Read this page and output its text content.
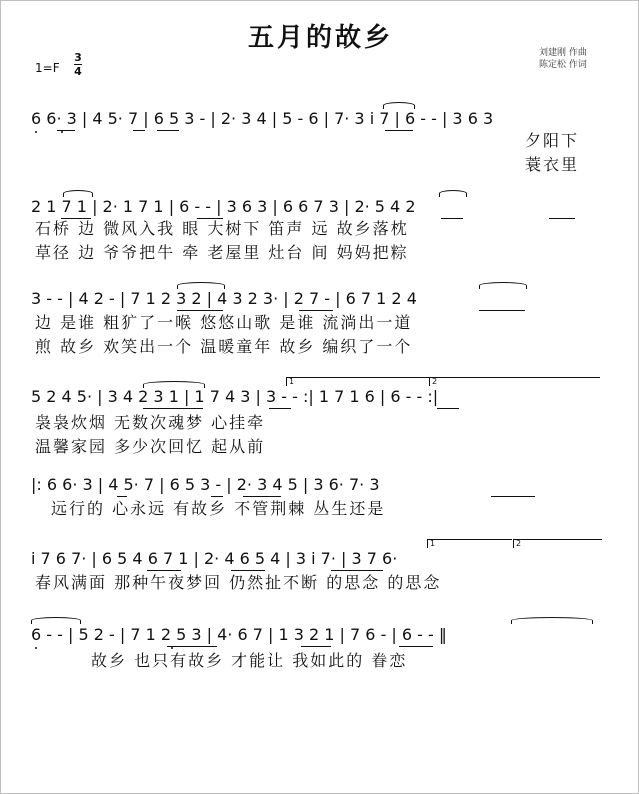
五月的故乡	刘建刚 作曲
陈定松 作词
1=F
3
4
6 6· 3 | 4 5· 7 | 6 5 3 - | 2· 3 4 | 5 - 6 | 7· 3 i 7 | 6 - - | 3 6 3
夕阳下
蓑衣里
2 1 7 1 | 2· 1 7 1 | 6 - - | 3 6 3 | 6 6 7 3 | 2· 5 4 2
石桥 边 微风入我 眼 大树下 笛声 远 故乡落枕
草径 边 爷爷把牛 牵 老屋里 灶台 间 妈妈把粽
3 - - | 4 2 - | 7 1 2 3 2 | 4 3 2 3· | 2 7 - | 6 7 1 2 4
边 是谁 粗犷了一喉 悠悠山歌 是谁 流淌出一道
煎 故乡 欢笑出一个 温暖童年 故乡 编织了一个
5 2 4 5· | 3 4 2 3 1 | 1 7 4 3 | 3 - - :| 1 7 1 6 | 6 - - :|
1	2
袅袅炊烟 无数次魂梦 心挂牵
温馨家园 多少次回忆 起从前
|: 6 6· 3 | 4 5· 7 | 6 5 3 - | 2· 3 4 5 | 3 6· 7· 3
远行的 心永远 有故乡 不管荆棘 丛生还是
i 7 6 7· | 6 5 4 6 7 1 | 2· 4 6 5 4 | 3 i 7· | 3 7 6·
1	2
春风满面 那种午夜梦回 仍然扯不断 的思念 的思念
6 - - | 5 2 - | 7 1 2 5 3 | 4· 6 7 | 1 3 2 1 | 7 6 - | 6 - - ‖
故乡 也只有故乡 才能让 我如此的 眷恋
